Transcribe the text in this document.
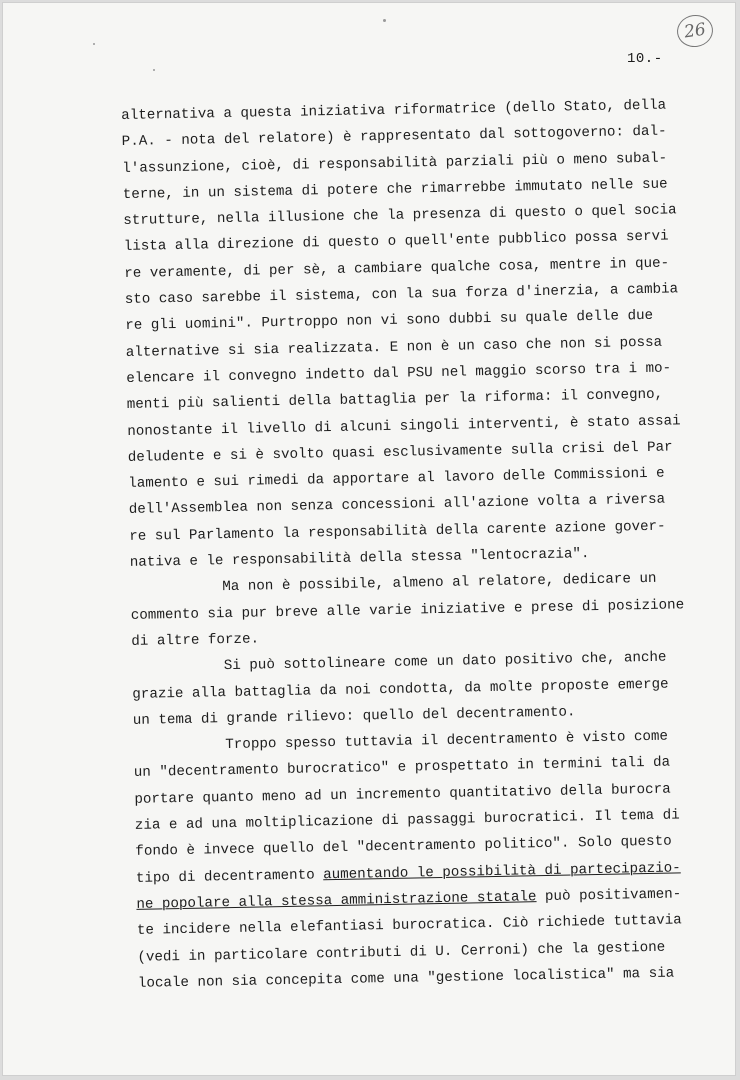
26
10.-
alternativa a questa iniziativa riformatrice (dello Stato, della
P.A. - nota del relatore) è rappresentato dal sottogoverno: dal-
l'assunzione, cioè, di responsabilità parziali più o meno subal-
terne, in un sistema di potere che rimarrebbe immutato nelle sue
strutture, nella illusione che la presenza di questo o quel socia
lista alla direzione di questo o quell'ente pubblico possa servi
re veramente, di per sè, a cambiare qualche cosa, mentre in que-
sto caso sarebbe il sistema, con la sua forza d'inerzia, a cambia
re gli uomini". Purtroppo non vi sono dubbi su quale delle due
alternative si sia realizzata. E non è un caso che non si possa
elencare il convegno indetto dal PSU nel maggio scorso tra i mo-
menti più salienti della battaglia per la riforma: il convegno,
nonostante il livello di alcuni singoli interventi, è stato assai
deludente e si è svolto quasi esclusivamente sulla crisi del Par
lamento e sui rimedi da apportare al lavoro delle Commissioni e
dell'Assemblea non senza concessioni all'azione volta a riversa
re sul Parlamento la responsabilità della carente azione gover-
nativa e le responsabilità della stessa "lentocrazia".
Ma non è possibile, almeno al relatore, dedicare un
commento sia pur breve alle varie iniziative e prese di posizione
di altre forze.
Si può sottolineare come un dato positivo che, anche
grazie alla battaglia da noi condotta, da molte proposte emerge
un tema di grande rilievo: quello del decentramento.
Troppo spesso tuttavia il decentramento è visto come
un "decentramento burocratico" e prospettato in termini tali da
portare quanto meno ad un incremento quantitativo della burocra
zia e ad una moltiplicazione di passaggi burocratici. Il tema di
fondo è invece quello del "decentramento politico". Solo questo
tipo di decentramento aumentando le possibilità di partecipazio-
ne popolare alla stessa amministrazione statale può positivamen-
te incidere nella elefantiasi burocratica. Ciò richiede tuttavia
(vedi in particolare contributi di U. Cerroni) che la gestione
locale non sia concepita come una "gestione localistica" ma sia
